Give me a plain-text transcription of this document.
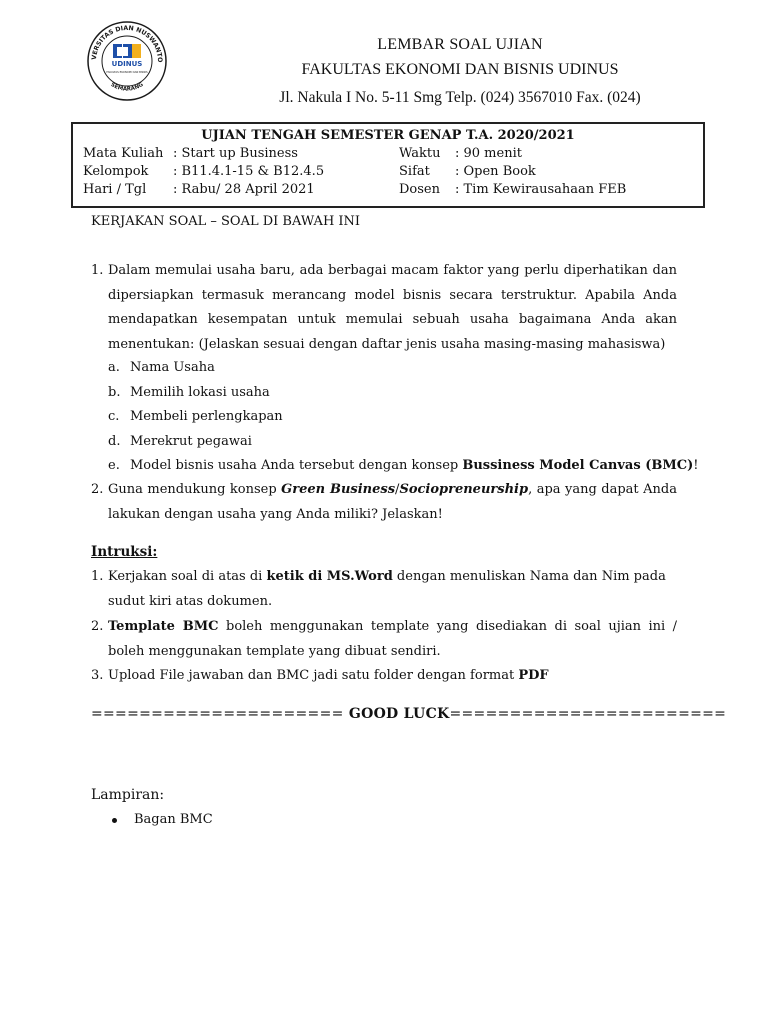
VERSITAS DIAN NUSWANTO
SEMARANG
UDINUS
FAKULTAS EKONOMI DAN BISNIS
LEMBAR SOAL UJIAN
FAKULTAS EKONOMI DAN BISNIS UDINUS
Jl. Nakula I No. 5-11 Smg Telp. (024) 3567010 Fax. (024)
UJIAN TENGAH SEMESTER GENAP T.A. 2020/2021
Mata Kuliah : Start up Business	Waktu : 90 menit
Kelompok : B11.4.1-15 & B12.4.5	Sifat : Open Book
Hari / Tgl : Rabu/ 28 April 2021	Dosen : Tim Kewirausahaan FEB
KERJAKAN SOAL – SOAL DI BAWAH INI
1. Dalam memulai usaha baru, ada berbagai macam faktor yang perlu diperhatikan dan dipersiapkan termasuk merancang model bisnis secara terstruktur. Apabila Anda mendapatkan kesempatan untuk memulai sebuah usaha bagaimana Anda akan menentukan: (Jelaskan sesuai dengan daftar jenis usaha masing-masing mahasiswa)
a. Nama Usaha
b. Memilih lokasi usaha
c. Membeli perlengkapan
d. Merekrut pegawai
e. Model bisnis usaha Anda tersebut dengan konsep Bussiness Model Canvas (BMC)!
2. Guna mendukung konsep Green Business/Sociopreneurship, apa yang dapat Anda lakukan dengan usaha yang Anda miliki? Jelaskan!
Intruksi:
1. Kerjakan soal di atas di ketik di MS.Word dengan menuliskan Nama dan Nim pada sudut kiri atas dokumen.
2. Template BMC boleh menggunakan template yang disediakan di soal ujian ini / boleh menggunakan template yang dibuat sendiri.
3. Upload File jawaban dan BMC jadi satu folder dengan format PDF
===================== GOOD LUCK=======================
Lampiran:
Bagan BMC
